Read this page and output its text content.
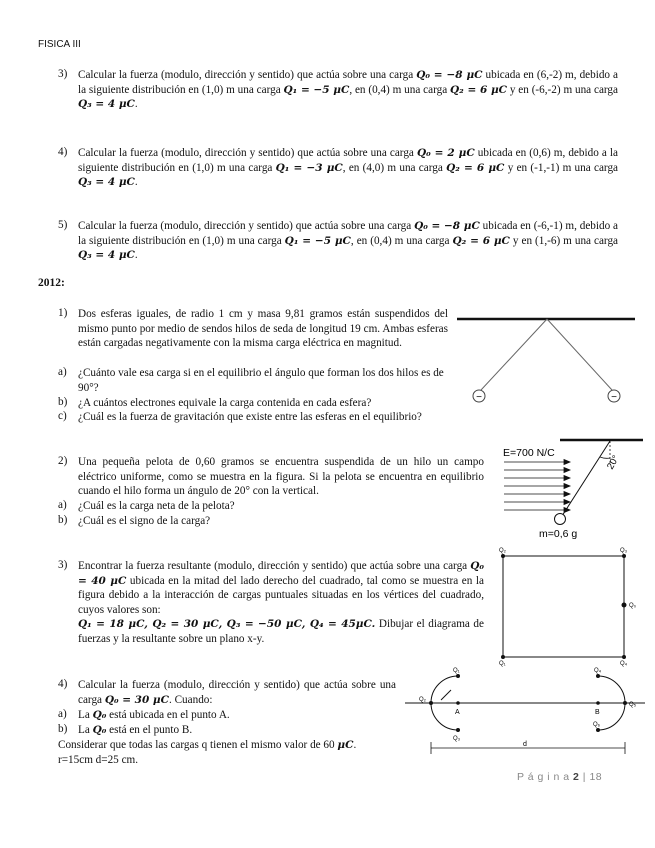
FISICA III
3) Calcular la fuerza (modulo, dirección y sentido) que actúa sobre una carga Q₀ = −8 μC ubicada en (6,-2) m, debido a la siguiente distribución en (1,0) m una carga Q₁ = −5 μC, en (0,4) m una carga Q₂ = 6 μC y en (-6,-2) m una carga Q₃ = 4 μC.
4) Calcular la fuerza (modulo, dirección y sentido) que actúa sobre una carga Q₀ = 2 μC ubicada en (0,6) m, debido a la siguiente distribución en (1,0) m una carga Q₁ = −3 μC, en (4,0) m una carga Q₂ = 6 μC y en (-1,-1) m una carga Q₃ = 4 μC.
5) Calcular la fuerza (modulo, dirección y sentido) que actúa sobre una carga Q₀ = −8 μC ubicada en (-6,-1) m, debido a la siguiente distribución en (1,0) m una carga Q₁ = −5 μC, en (0,4) m una carga Q₂ = 6 μC y en (1,-6) m una carga Q₃ = 4 μC.
2012:
1) Dos esferas iguales, de radio 1 cm y masa 9,81 gramos están suspendidos del mismo punto por medio de sendos hilos de seda de longitud 19 cm. Ambas esferas están cargadas negativamente con la misma carga eléctrica en magnitud.
a) ¿Cuánto vale esa carga si en el equilibrio el ángulo que forman los dos hilos es de 90°?
b) ¿A cuántos electrones equivale la carga contenida en cada esfera?
c) ¿Cuál es la fuerza de gravitación que existe entre las esferas en el equilibrio?
−	−
2) Una pequeña pelota de 0,60 gramos se encuentra suspendida de un hilo un campo eléctrico uniforme, como se muestra en la figura. Si la pelota se encuentra en equilibrio cuando el hilo forma un ángulo de 20° con la vertical.
a) ¿Cuál es la carga neta de la pelota?
b) ¿Cuál es el signo de la carga?
E=700 N/C
20°
m=0,6 g
3) Encontrar la fuerza resultante (modulo, dirección y sentido) que actúa sobre una carga Q₀ = 40 μC ubicada en la mitad del lado derecho del cuadrado, tal como se muestra en la figura debido a la interacción de cargas puntuales situadas en los vértices del cuadrado, cuyos valores son:
Q₁ = 18 μC, Q₂ = 30 μC, Q₃ = −50 μC, Q₄ = 45μC. Dibujar el diagrama de fuerzas y la resultante sobre un plano x-y.
Q₂	Q₃
Q₁	Q₄
Q₀
4) Calcular la fuerza (modulo, dirección y sentido) que actúa sobre una carga Q₀ = 30 μC. Cuando:
a) La Q₀ está ubicada en el punto A.
b) La Q₀ está en el punto B.
Considerar que todas las cargas q tienen el mismo valor de 60 μC.
r=15cm d=25 cm.
Q₁
Q₂
Q₃
Q₄
Q₅
Q₆
A	B
d
P á g i n a 2 | 18
